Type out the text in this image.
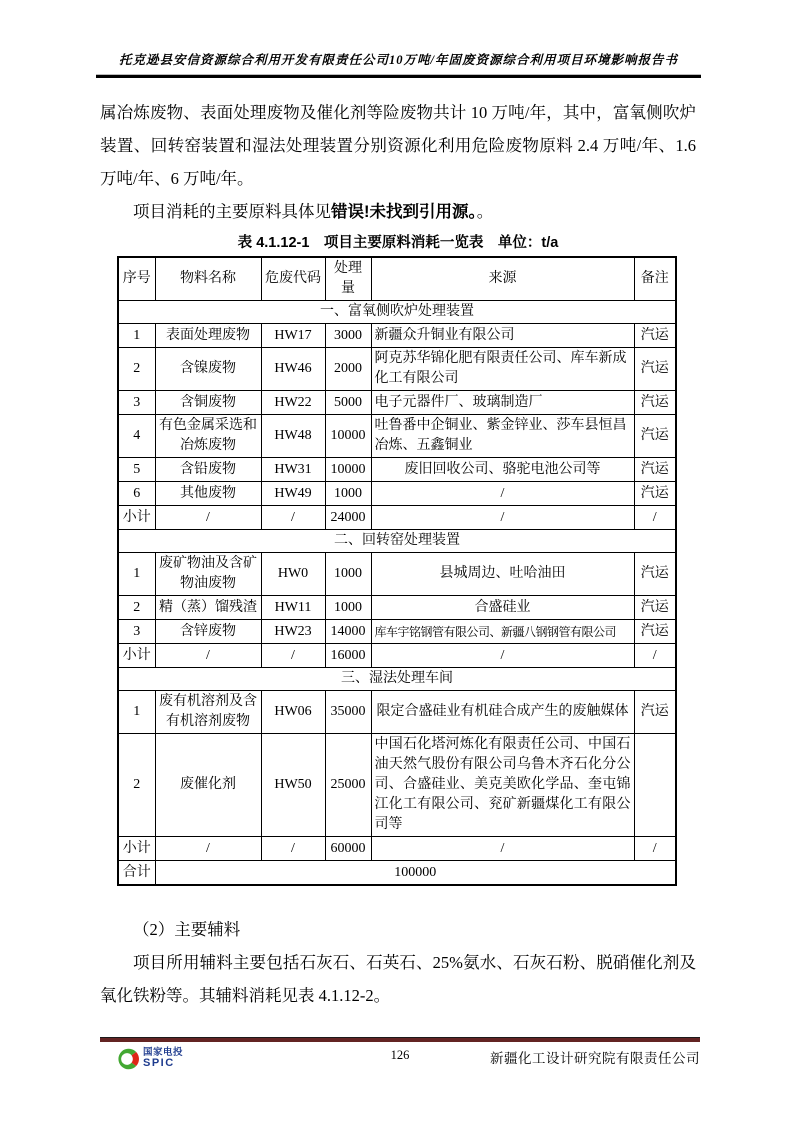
托克逊县安信资源综合利用开发有限责任公司10万吨/年固废资源综合利用项目环境影响报告书

属冶炼废物、表面处理废物及催化剂等险废物共计 10 万吨/年，其中，富氧侧吹炉装置、回转窑装置和湿法处理装置分别资源化利用危险废物原料 2.4 万吨/年、1.6 万吨/年、6 万吨/年。

项目消耗的主要原料具体见错误!未找到引用源。。

表 4.1.12-1　项目主要原料消耗一览表　单位：t/a
序号	物料名称	危废代码	处理量	来源	备注
一、富氧侧吹炉处理装置					
1	表面处理废物	HW17	3000	新疆众升铜业有限公司	汽运
2	含镍废物	HW46	2000	阿克苏华锦化肥有限责任公司、库车新成化工有限公司	汽运
3	含铜废物	HW22	5000	电子元器件厂、玻璃制造厂	汽运
4	有色金属采选和冶炼废物	HW48	10000	吐鲁番中企铜业、紫金锌业、莎车县恒昌冶炼、五鑫铜业	汽运
5	含铅废物	HW31	10000	废旧回收公司、骆驼电池公司等	汽运
6	其他废物	HW49	1000	/	汽运
小计	/	/	24000	/	/
二、回转窑处理装置					
1	废矿物油及含矿物油废物	HW0	1000	县城周边、吐哈油田	汽运
2	精（蒸）馏残渣	HW11	1000	合盛硅业	汽运
3	含锌废物	HW23	14000	库车宇铭钢管有限公司、新疆八钢钢管有限公司	汽运
小计	/	/	16000	/	/
三、湿法处理车间					
1	废有机溶剂及含有机溶剂废物	HW06	35000	限定合盛硅业有机硅合成产生的废触媒体	汽运
2	废催化剂	HW50	25000	中国石化塔河炼化有限责任公司、中国石油天然气股份有限公司乌鲁木齐石化分公司、合盛硅业、美克美欧化学品、奎屯锦江化工有限公司、兖矿新疆煤化工有限公司等	
小计	/	/	60000	/	/
合计	100000				

（2）主要辅料

项目所用辅料主要包括石灰石、石英石、25%氨水、石灰石粉、脱硝催化剂及氧化铁粉等。其辅料消耗见表 4.1.12-2。

国家电投
SPIC
126	新疆化工设计研究院有限责任公司
